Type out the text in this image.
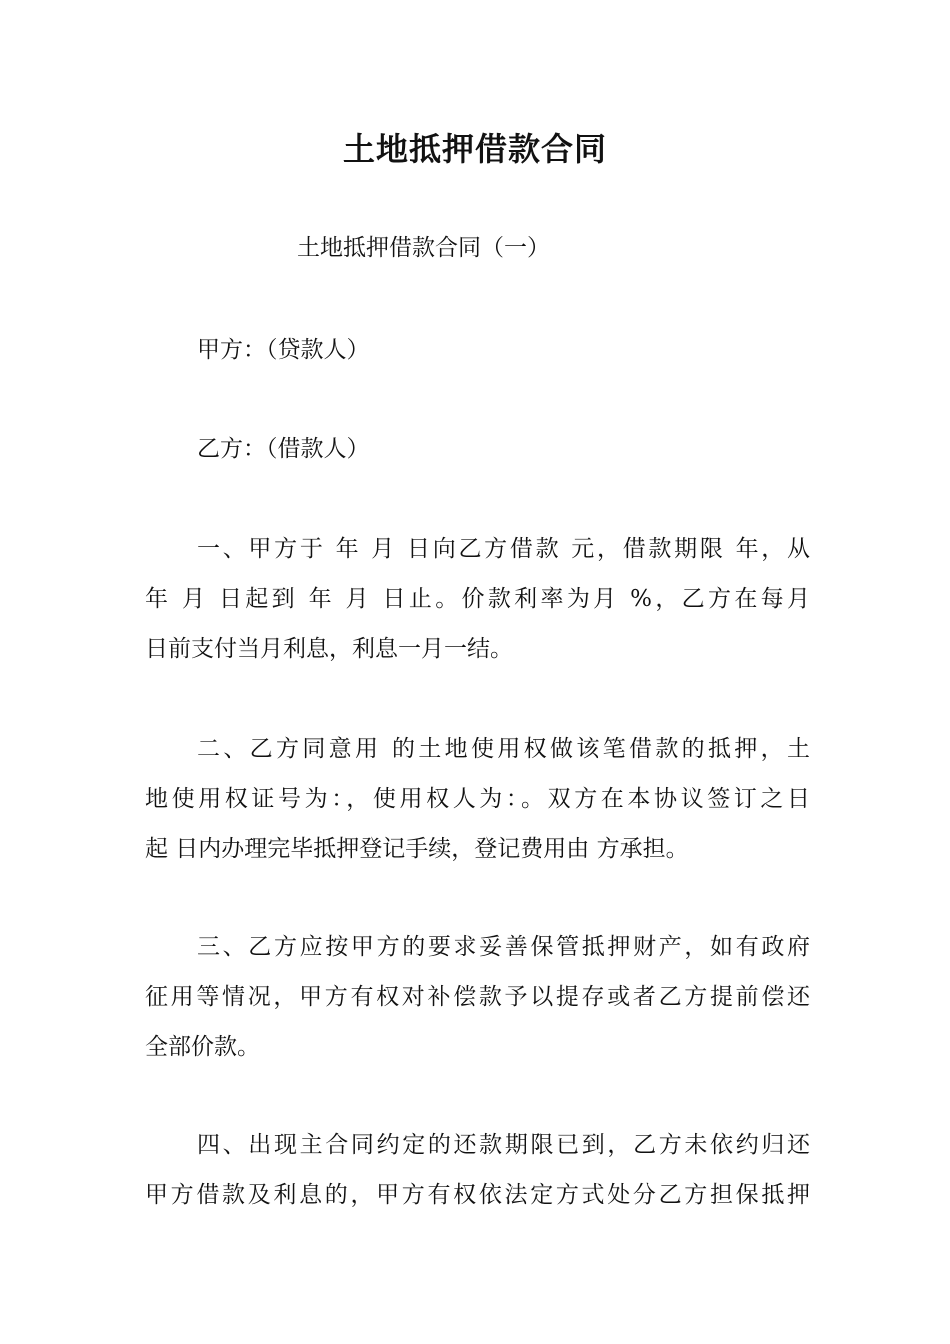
土地抵押借款合同
土地抵押借款合同（一）
甲方：（贷款人）
乙方：（借款人）
一、甲方于 年 月 日向乙方借款 元，借款期限 年，从
年 月 日起到 年 月 日止。价款利率为月 %，乙方在每月
日前支付当月利息，利息一月一结。
二、乙方同意用 的土地使用权做该笔借款的抵押，土
地使用权证号为：，使用权人为：。双方在本协议签订之日
起 日内办理完毕抵押登记手续，登记费用由 方承担。
三、乙方应按甲方的要求妥善保管抵押财产，如有政府
征用等情况，甲方有权对补偿款予以提存或者乙方提前偿还
全部价款。
四、出现主合同约定的还款期限已到，乙方未依约归还
甲方借款及利息的，甲方有权依法定方式处分乙方担保抵押
